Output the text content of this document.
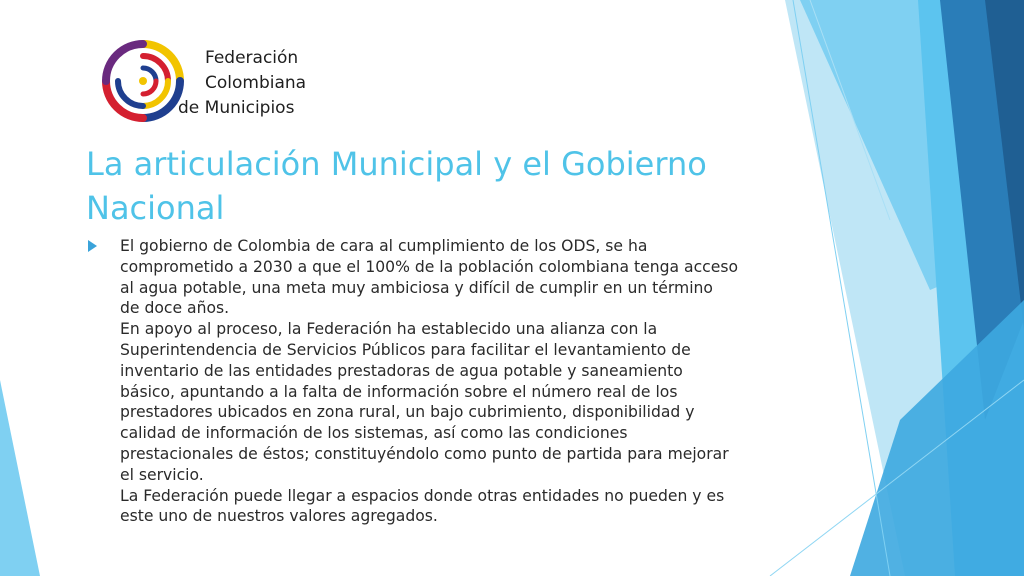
Federación
Colombiana
de Municipios
La articulación Municipal y el Gobierno
Nacional
El gobierno de Colombia de cara al cumplimiento de los ODS, se ha
comprometido a 2030 a que el 100% de la población colombiana tenga acceso
al agua potable, una meta muy ambiciosa y difícil de cumplir en un término
de doce años.
En apoyo al proceso, la Federación ha establecido una alianza con la
Superintendencia de Servicios Públicos para facilitar el levantamiento de
inventario de las entidades prestadoras de agua potable y saneamiento
básico, apuntando a la falta de información sobre el número real de los
prestadores ubicados en zona rural, un bajo cubrimiento, disponibilidad y
calidad de información de los sistemas, así como las condiciones
prestacionales de éstos; constituyéndolo como punto de partida para mejorar
el servicio.
La Federación puede llegar a espacios donde otras entidades no pueden y es
este uno de nuestros valores agregados.
